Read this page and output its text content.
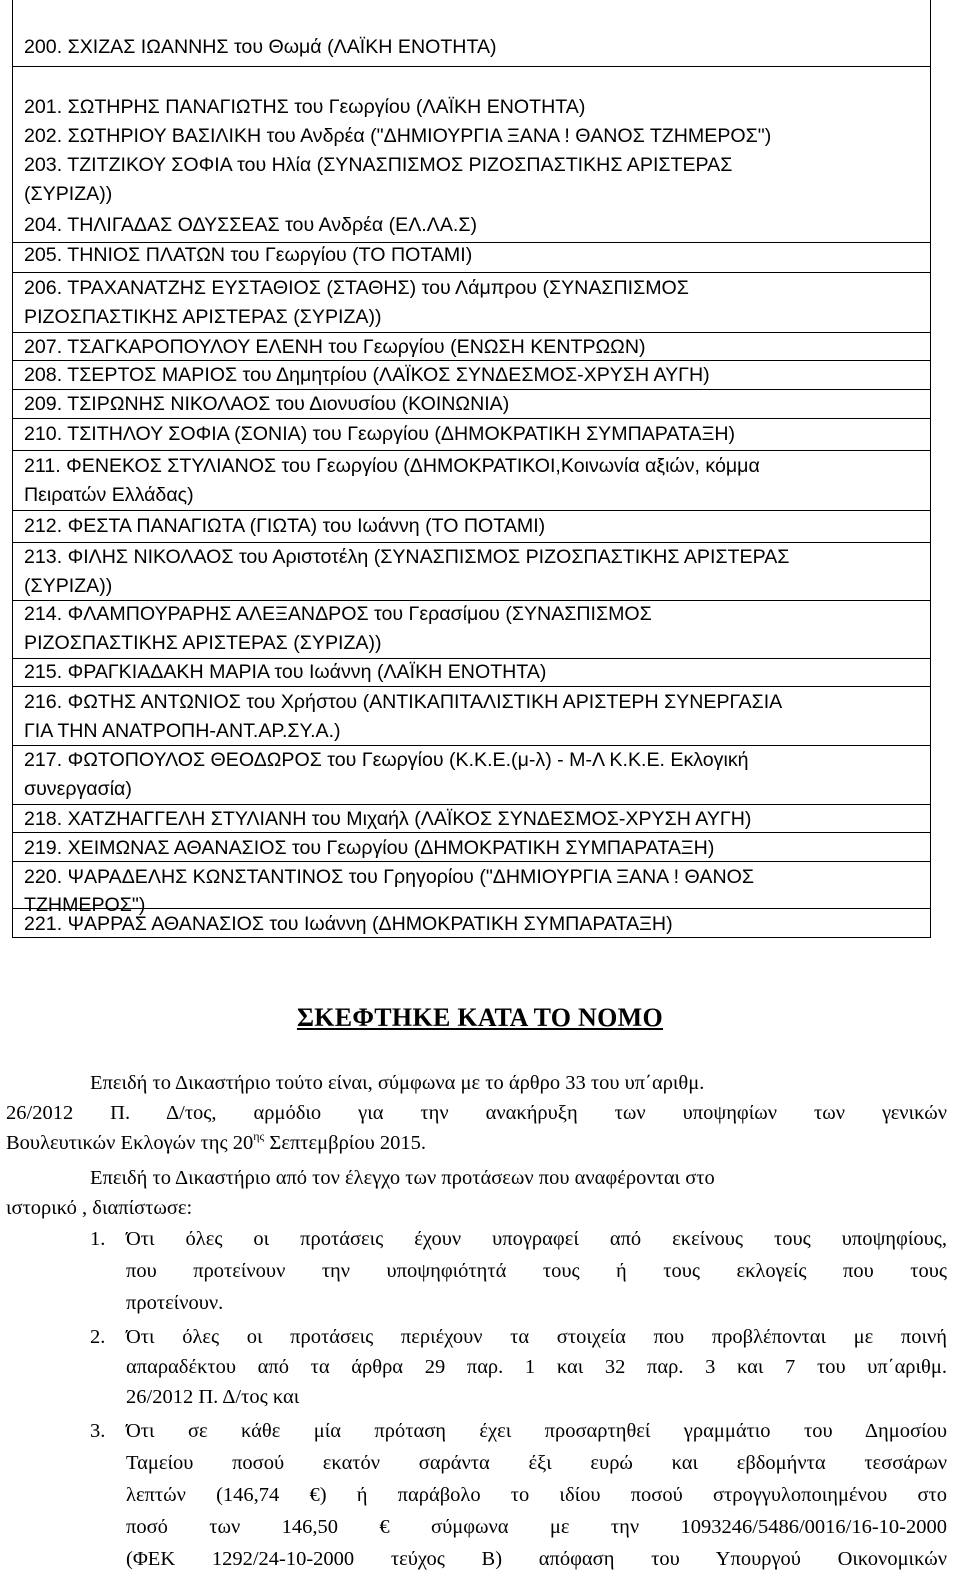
200. ΣΧΙΖΑΣ ΙΩΑΝΝΗΣ του Θωμά (ΛΑΪΚΗ ΕΝΟΤΗΤΑ)
201. ΣΩΤΗΡΗΣ ΠΑΝΑΓΙΩΤΗΣ του Γεωργίου (ΛΑΪΚΗ ΕΝΟΤΗΤΑ)
202. ΣΩΤΗΡΙΟΥ ΒΑΣΙΛΙΚΗ του Ανδρέα ("ΔΗΜΙΟΥΡΓΙΑ ΞΑΝΑ ! ΘΑΝΟΣ ΤΖΗΜΕΡΟΣ")
203. ΤΖΙΤΖΙΚΟΥ ΣΟΦΙΑ του Ηλία (ΣΥΝΑΣΠΙΣΜΟΣ ΡΙΖΟΣΠΑΣΤΙΚΗΣ ΑΡΙΣΤΕΡΑΣ
(ΣΥΡΙΖΑ))
204. ΤΗΛΙΓΑΔΑΣ ΟΔΥΣΣΕΑΣ του Ανδρέα (ΕΛ.ΛΑ.Σ)
205. ΤΗΝΙΟΣ ΠΛΑΤΩΝ του Γεωργίου (ΤΟ ΠΟΤΑΜΙ)
206. ΤΡΑΧΑΝΑΤΖΗΣ ΕΥΣΤΑΘΙΟΣ (ΣΤΑΘΗΣ) του Λάμπρου (ΣΥΝΑΣΠΙΣΜΟΣ
ΡΙΖΟΣΠΑΣΤΙΚΗΣ ΑΡΙΣΤΕΡΑΣ (ΣΥΡΙΖΑ))
207. ΤΣΑΓΚΑΡΟΠΟΥΛΟΥ ΕΛΕΝΗ του Γεωργίου (ΕΝΩΣΗ ΚΕΝΤΡΩΩΝ)
208. ΤΣΕΡΤΟΣ ΜΑΡΙΟΣ του Δημητρίου (ΛΑΪΚΟΣ ΣΥΝΔΕΣΜΟΣ-ΧΡΥΣΗ ΑΥΓΗ)
209. ΤΣΙΡΩΝΗΣ ΝΙΚΟΛΑΟΣ του Διονυσίου (ΚΟΙΝΩΝΙΑ)
210. ΤΣΙΤΗΛΟΥ ΣΟΦΙΑ (ΣΟΝΙΑ) του Γεωργίου (ΔΗΜΟΚΡΑΤΙΚΗ ΣΥΜΠΑΡΑΤΑΞΗ)
211. ΦΕΝΕΚΟΣ ΣΤΥΛΙΑΝΟΣ του Γεωργίου (ΔΗΜΟΚΡΑΤΙΚΟΙ,Κοινωνία αξιών, κόμμα
Πειρατών Ελλάδας)
212. ΦΕΣΤΑ ΠΑΝΑΓΙΩΤΑ (ΓΙΩΤΑ) του Ιωάννη (ΤΟ ΠΟΤΑΜΙ)
213. ΦΙΛΗΣ ΝΙΚΟΛΑΟΣ του Αριστοτέλη (ΣΥΝΑΣΠΙΣΜΟΣ ΡΙΖΟΣΠΑΣΤΙΚΗΣ ΑΡΙΣΤΕΡΑΣ
(ΣΥΡΙΖΑ))
214. ΦΛΑΜΠΟΥΡΑΡΗΣ ΑΛΕΞΑΝΔΡΟΣ του Γερασίμου (ΣΥΝΑΣΠΙΣΜΟΣ
ΡΙΖΟΣΠΑΣΤΙΚΗΣ ΑΡΙΣΤΕΡΑΣ (ΣΥΡΙΖΑ))
215. ΦΡΑΓΚΙΑΔΑΚΗ ΜΑΡΙΑ του Ιωάννη (ΛΑΪΚΗ ΕΝΟΤΗΤΑ)
216. ΦΩΤΗΣ ΑΝΤΩΝΙΟΣ του Χρήστου (ΑΝΤΙΚΑΠΙΤΑΛΙΣΤΙΚΗ ΑΡΙΣΤΕΡΗ ΣΥΝΕΡΓΑΣΙΑ
ΓΙΑ ΤΗΝ ΑΝΑΤΡΟΠΗ-ΑΝΤ.ΑΡ.ΣΥ.Α.)
217. ΦΩΤΟΠΟΥΛΟΣ ΘΕΟΔΩΡΟΣ του Γεωργίου (Κ.Κ.Ε.(μ-λ) - Μ-Λ Κ.Κ.Ε. Εκλογική
συνεργασία)
218. ΧΑΤΖΗΑΓΓΕΛΗ ΣΤΥΛΙΑΝΗ του Μιχαήλ (ΛΑΪΚΟΣ ΣΥΝΔΕΣΜΟΣ-ΧΡΥΣΗ ΑΥΓΗ)
219. ΧΕΙΜΩΝΑΣ ΑΘΑΝΑΣΙΟΣ του Γεωργίου (ΔΗΜΟΚΡΑΤΙΚΗ ΣΥΜΠΑΡΑΤΑΞΗ)
220. ΨΑΡΑΔΕΛΗΣ ΚΩΝΣΤΑΝΤΙΝΟΣ του Γρηγορίου ("ΔΗΜΙΟΥΡΓΙΑ ΞΑΝΑ ! ΘΑΝΟΣ
ΤΖΗΜΕΡΟΣ")
221. ΨΑΡΡΑΣ ΑΘΑΝΑΣΙΟΣ του Ιωάννη (ΔΗΜΟΚΡΑΤΙΚΗ ΣΥΜΠΑΡΑΤΑΞΗ)
ΣΚΕΦΤΗΚΕ ΚΑΤΑ ΤΟ ΝΟΜΟ
Επειδή το Δικαστήριο τούτο είναι, σύμφωνα με το άρθρο 33 του υπ΄αριθμ.
26/2012 Π. Δ/τος, αρμόδιο για την ανακήρυξη των υποψηφίων των γενικών
Βουλευτικών Εκλογών της $20^{\eta\varsigma}$ Σεπτεμβρίου 2015.
Επειδή το Δικαστήριο από τον έλεγχο των προτάσεων που αναφέρονται στο
ιστορικό , διαπίστωσε:
1. Ότι όλες οι προτάσεις έχουν υπογραφεί από εκείνους τους υποψηφίους,
που προτείνουν την υποψηφιότητά τους ή τους εκλογείς που τους
προτείνουν.
2. Ότι όλες οι προτάσεις περιέχουν τα στοιχεία που προβλέπονται με ποινή
απαραδέκτου από τα άρθρα 29 παρ. 1 και 32 παρ. 3 και 7 του υπ΄αριθμ.
26/2012 Π. Δ/τος και
3. Ότι σε κάθε μία πρόταση έχει προσαρτηθεί γραμμάτιο του Δημοσίου
Ταμείου ποσού εκατόν σαράντα έξι ευρώ και εβδομήντα τεσσάρων
λεπτών (146,74 €) ή παράβολο το ιδίου ποσού στρογγυλοποιημένου στο
ποσό των 146,50 € σύμφωνα με την 1093246/5486/0016/16-10-2000
(ΦΕΚ 1292/24-10-2000 τεύχος Β) απόφαση του Υπουργού Οικονομικών
